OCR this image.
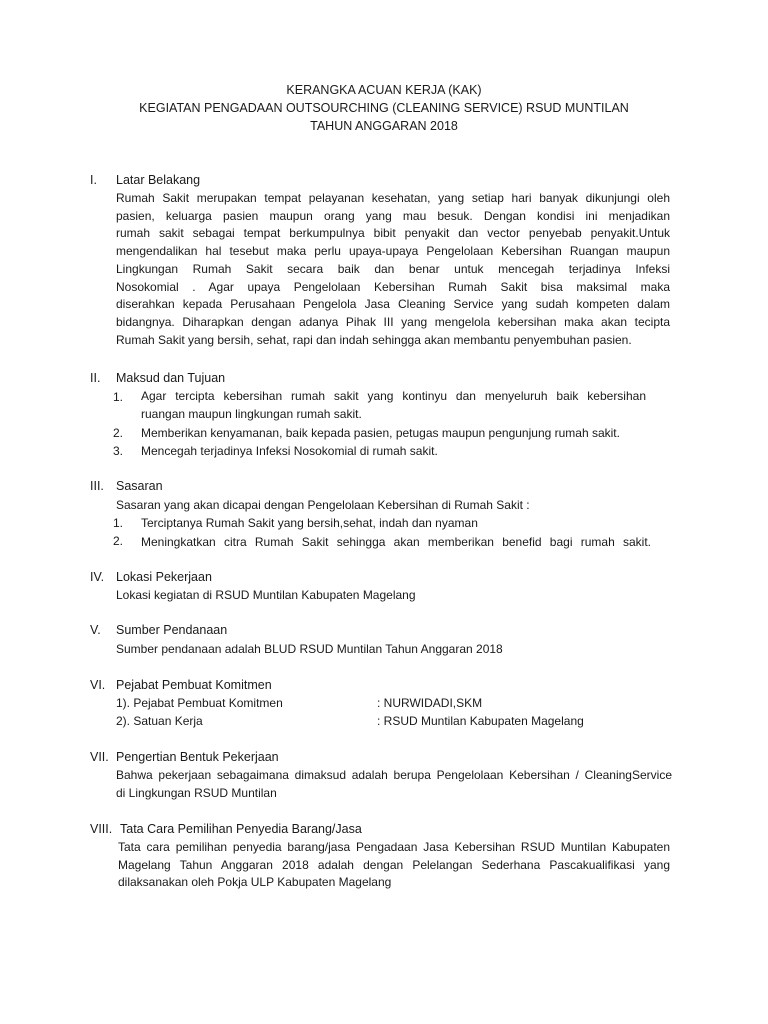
KERANGKA ACUAN KERJA (KAK)
KEGIATAN PENGADAAN OUTSOURCHING (CLEANING SERVICE) RSUD MUNTILAN
TAHUN ANGGARAN 2018
I. Latar Belakang
Rumah Sakit merupakan tempat pelayanan kesehatan, yang setiap hari banyak dikunjungi oleh
pasien, keluarga pasien maupun orang yang mau besuk. Dengan kondisi ini menjadikan
rumah sakit sebagai tempat berkumpulnya bibit penyakit dan vector penyebab penyakit.Untuk
mengendalikan hal tesebut maka perlu upaya-upaya Pengelolaan Kebersihan Ruangan maupun
Lingkungan Rumah Sakit secara baik dan benar untuk mencegah terjadinya Infeksi
Nosokomial . Agar upaya Pengelolaan Kebersihan Rumah Sakit bisa maksimal maka
diserahkan kepada Perusahaan Pengelola Jasa Cleaning Service yang sudah kompeten dalam
bidangnya. Diharapkan dengan adanya Pihak III yang mengelola kebersihan maka akan tecipta
Rumah Sakit yang bersih, sehat, rapi dan indah sehingga akan membantu penyembuhan pasien.
II. Maksud dan Tujuan
1. Agar tercipta kebersihan rumah sakit yang kontinyu dan menyeluruh baik kebersihan
ruangan maupun lingkungan rumah sakit.
2. Memberikan kenyamanan, baik kepada pasien, petugas maupun pengunjung rumah sakit.
3. Mencegah terjadinya Infeksi Nosokomial di rumah sakit.
III. Sasaran
Sasaran yang akan dicapai dengan Pengelolaan Kebersihan di Rumah Sakit :
1. Terciptanya Rumah Sakit yang bersih,sehat, indah dan nyaman
2. Meningkatkan citra Rumah Sakit sehingga akan memberikan benefid bagi rumah sakit.
IV. Lokasi Pekerjaan
Lokasi kegiatan di RSUD Muntilan Kabupaten Magelang
V. Sumber Pendanaan
Sumber pendanaan adalah BLUD RSUD Muntilan Tahun Anggaran 2018
VI. Pejabat Pembuat Komitmen
1). Pejabat Pembuat Komitmen	: NURWIDADI,SKM
2). Satuan Kerja	: RSUD Muntilan Kabupaten Magelang
VII. Pengertian Bentuk Pekerjaan
Bahwa pekerjaan sebagaimana dimaksud adalah berupa Pengelolaan Kebersihan / CleaningService
di Lingkungan RSUD Muntilan
VIII. Tata Cara Pemilihan Penyedia Barang/Jasa
Tata cara pemilihan penyedia barang/jasa Pengadaan Jasa Kebersihan RSUD Muntilan Kabupaten
Magelang Tahun Anggaran 2018 adalah dengan Pelelangan Sederhana Pascakualifikasi yang
dilaksanakan oleh Pokja ULP Kabupaten Magelang
